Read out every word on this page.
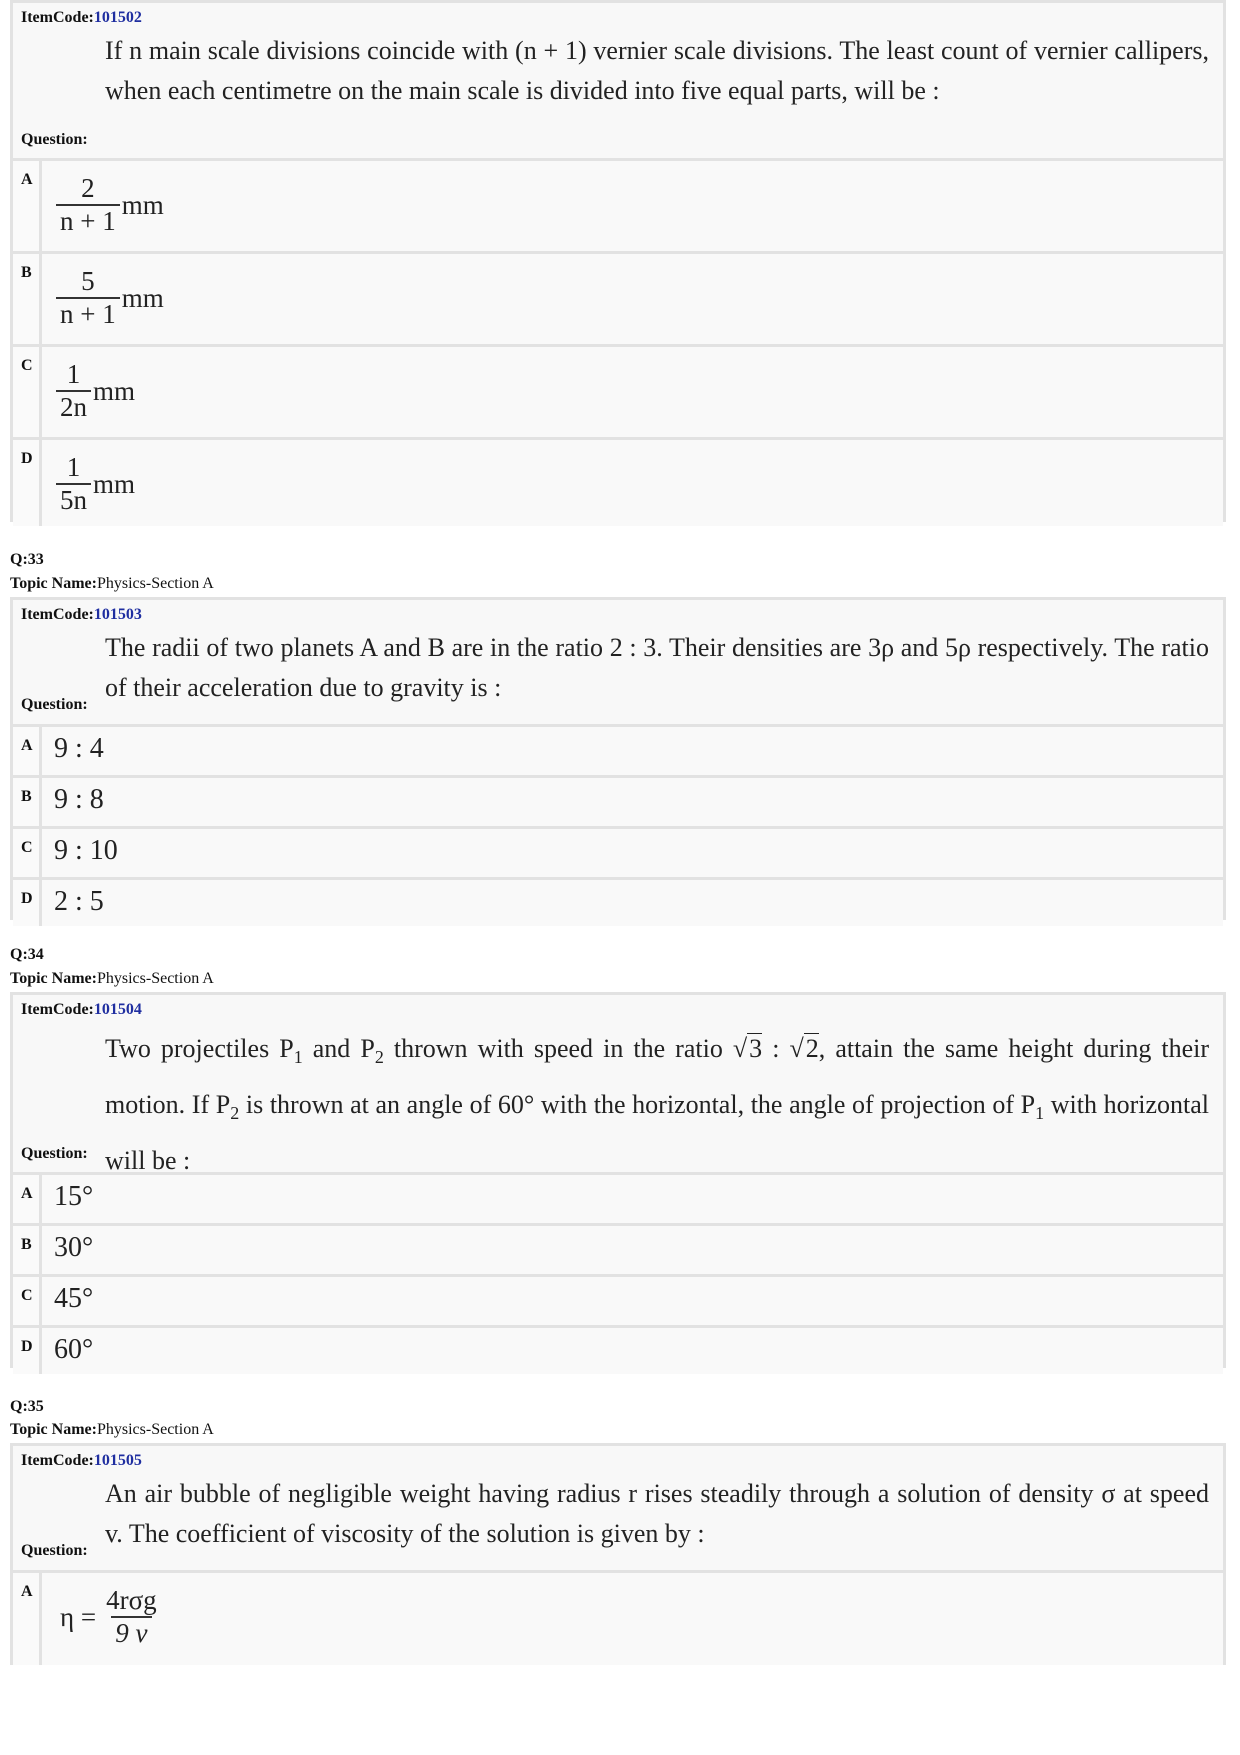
ItemCode:101502
If n main scale divisions coincide with (n + 1) vernier scale divisions. The least count of vernier callipers, when each centimetre on the main scale is divided into five equal parts, will be :
Question:
A $\frac{2}{n + 1}$ mm
B $\frac{5}{n + 1}$ mm
C $\frac{1}{2n}$ mm
D $\frac{1}{5n}$ mm
Q:33
Topic Name:Physics-Section A
ItemCode:101503
The radii of two planets A and B are in the ratio 2 : 3. Their densities are 3ρ and 5ρ respectively. The ratio of their acceleration due to gravity is :
Question:
A 9 : 4
B 9 : 8
C 9 : 10
D 2 : 5
Q:34
Topic Name:Physics-Section A
ItemCode:101504
Two projectiles $P_1$ and $P_2$ thrown with speed in the ratio √3 : √2, attain the same height during their motion. If $P_2$ is thrown at an angle of 60° with the horizontal, the angle of projection of $P_1$ with horizontal will be :
Question:
A 15°
B 30°
C 45°
D 60°
Q:35
Topic Name:Physics-Section A
ItemCode:101505
An air bubble of negligible weight having radius r rises steadily through a solution of density σ at speed v. The coefficient of viscosity of the solution is given by :
Question:
A
$\eta = \frac{\text{4rσg}}{9 v}$
